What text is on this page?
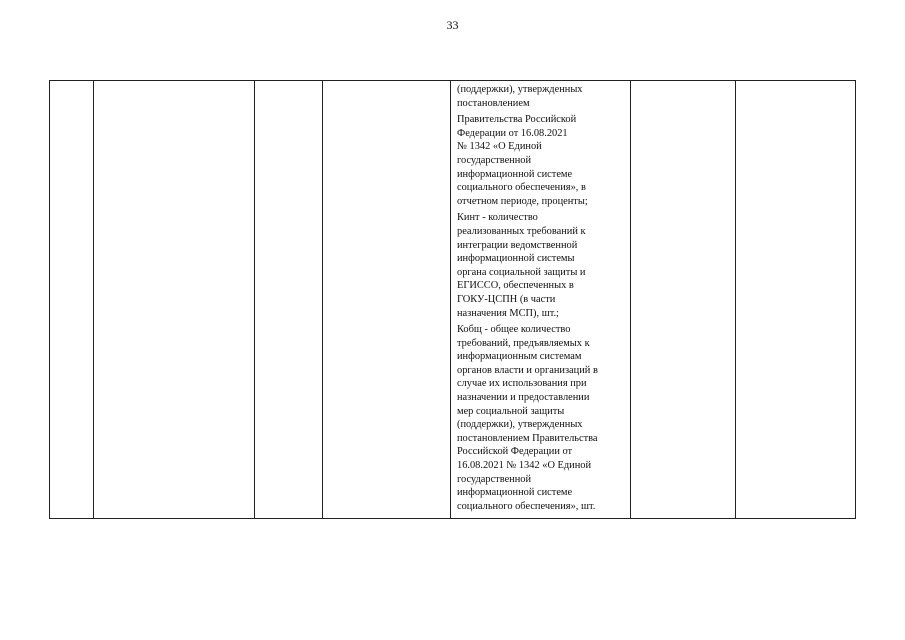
33

(поддержки), утвержденных
постановлением
Правительства Российской
Федерации от 16.08.2021
№ 1342 «О Единой
государственной
информационной системе
социального обеспечения», в
отчетном периоде, проценты;
Кинт - количество
реализованных требований к
интеграции ведомственной
информационной системы
органа социальной защиты и
ЕГИССО, обеспеченных в
ГОКУ-ЦСПН (в части
назначения МСП), шт.;
Кобщ - общее количество
требований, предъявляемых к
информационным системам
органов власти и организаций в
случае их использования при
назначении и предоставлении
мер социальной защиты
(поддержки), утвержденных
постановлением Правительства
Российской Федерации от
16.08.2021 № 1342 «О Единой
государственной
информационной системе
социального обеспечения», шт.
